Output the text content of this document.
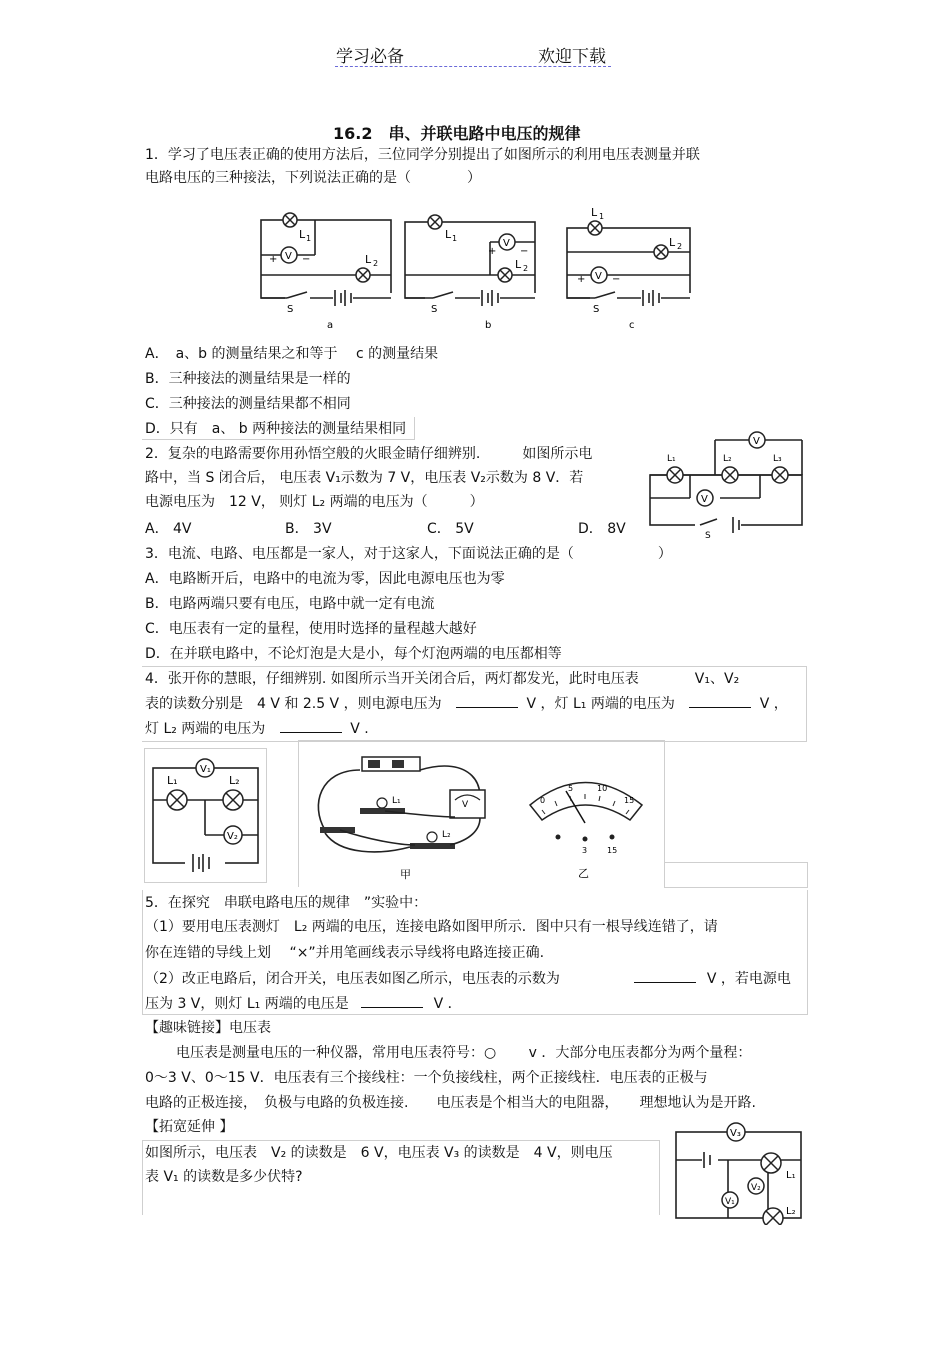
学习必备	欢迎下载
16.2　串、并联电路中电压的规律
1．学习了电压表正确的使用方法后，三位同学分别提出了如图所示的利用电压表测量并联
电路电压的三种接法，下列说法正确的是（　　　　）
L 1
V
+ −	L 2
S
a
L 1	V
+ −
L 2
S
b
L 1
L 2
V
+	−
S
c
A．　a、b 的测量结果之和等于　 c 的测量结果
B．三种接法的测量结果是一样的
C．三种接法的测量结果都不相同
D．只有　a、 b 两种接法的测量结果相同
2．复杂的电路需要你用孙悟空般的火眼金睛仔细辨别.　　　如图所示电
路中，当 S 闭合后， 电压表 V₁示数为 7 V，电压表 V₂示数为 8 V．若
电源电压为　12 V， 则灯 L₂ 两端的电压为（　　　）
A． 4V	B． 3V	C． 5V	D． 8V
V
V
L₁	L₂	L₃
S
3．电流、电路、电压都是一家人，对于这家人，下面说法正确的是（　　　　　　）
A．电路断开后，电路中的电流为零，因此电源电压也为零
B．电路两端只要有电压，电路中就一定有电流
C．电压表有一定的量程，使用时选择的量程越大越好
D．在并联电路中，不论灯泡是大是小，每个灯泡两端的电压都相等
4．张开你的慧眼，仔细辨别. 如图所示当开关闭合后，两灯都发光，此时电压表　　　　V₁、V₂
表的读数分别是　4 V 和 2.5 V ，则电源电压为	V ，灯 L₁ 两端的电压为	V ，
灯 L₂ 两端的电压为	V .
V₁
L₁	L₂
V₂
V
L₁
L₂
甲
0
5	10
15
3 15
乙
5．在探究　串联电路电压的规律　”实验中：
（1）要用电压表测灯　L₂ 两端的电压，连接电路如图甲所示．图中只有一根导线连错了，请
你在连错的导线上划　 “×”并用笔画线表示导线将电路连接正确.
（2）改正电路后，闭合开关，电压表如图乙所示，电压表的示数为	V ，若电源电
压为 3 V，则灯 L₁ 两端的电压是	V ．
【趣味链接】电压表
电压表是测量电压的一种仪器，常用电压表符号：○　　 v ．大部分电压表都分为两个量程：
0～3 V、0～15 V．电压表有三个接线柱：一个负接线柱，两个正接线柱．电压表的正极与
电路的正极连接，　负极与电路的负极连接.　　电压表是个相当大的电阻器，　　理想地认为是开路.
【拓宽延伸 】
如图所示，电压表　V₂ 的读数是　6 V，电压表 V₃ 的读数是　4 V，则电压
表 V₁ 的读数是多少伏特?
V₃
L₁
V₂
V₁
L₂
